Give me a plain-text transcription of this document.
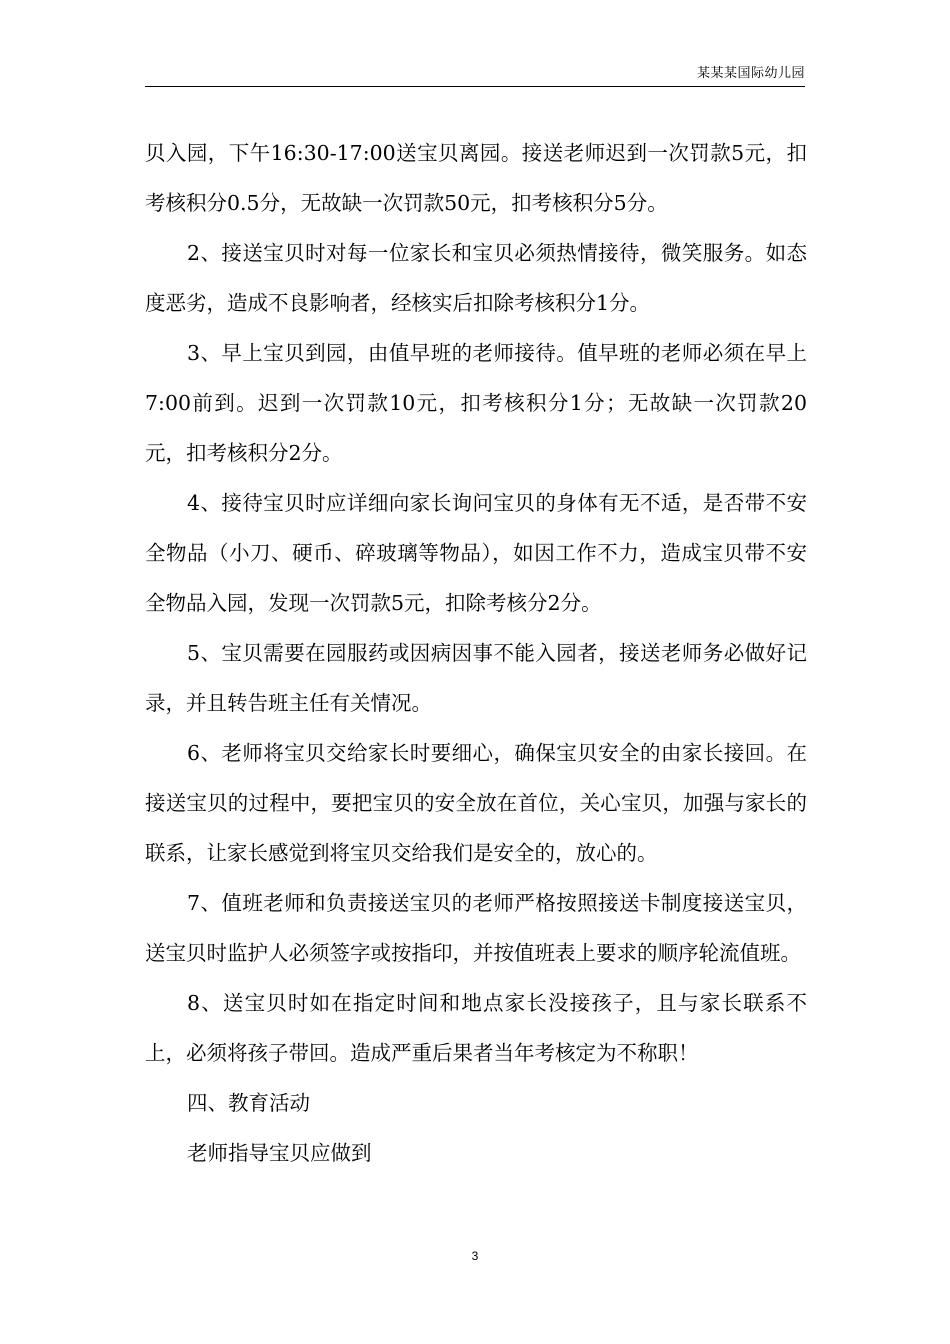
某某某国际幼儿园

贝入园，下午16:30-17:00送宝贝离园。接送老师迟到一次罚款5元，扣考核积分0.5分，无故缺一次罚款50元，扣考核积分5分。

2、接送宝贝时对每一位家长和宝贝必须热情接待，微笑服务。如态度恶劣，造成不良影响者，经核实后扣除考核积分1分。

3、早上宝贝到园，由值早班的老师接待。值早班的老师必须在早上7:00前到。迟到一次罚款10元，扣考核积分1分；无故缺一次罚款20元，扣考核积分2分。

4、接待宝贝时应详细向家长询问宝贝的身体有无不适，是否带不安全物品（小刀、硬币、碎玻璃等物品），如因工作不力，造成宝贝带不安全物品入园，发现一次罚款5元，扣除考核分2分。

5、宝贝需要在园服药或因病因事不能入园者，接送老师务必做好记录，并且转告班主任有关情况。

6、老师将宝贝交给家长时要细心，确保宝贝安全的由家长接回。在接送宝贝的过程中，要把宝贝的安全放在首位，关心宝贝，加强与家长的联系，让家长感觉到将宝贝交给我们是安全的，放心的。

7、值班老师和负责接送宝贝的老师严格按照接送卡制度接送宝贝，送宝贝时监护人必须签字或按指印，并按值班表上要求的顺序轮流值班。

8、送宝贝时如在指定时间和地点家长没接孩子，且与家长联系不上，必须将孩子带回。造成严重后果者当年考核定为不称职！

四、教育活动

老师指导宝贝应做到

3
